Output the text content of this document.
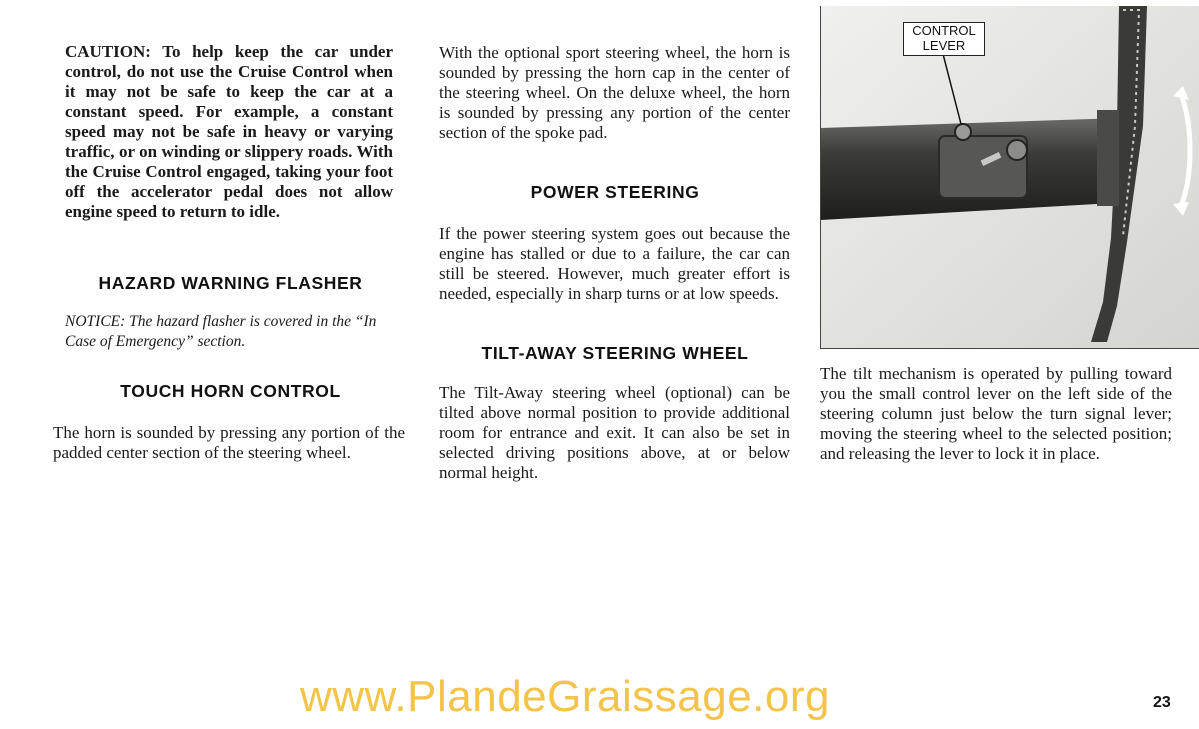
CAUTION: To help keep the car under control, do not use the Cruise Control when it may not be safe to keep the car at a constant speed. For example, a constant speed may not be safe in heavy or varying traffic, or on winding or slippery roads. With the Cruise Control engaged, taking your foot off the accelerator pedal does not allow engine speed to return to idle.
HAZARD WARNING FLASHER
NOTICE: The hazard flasher is covered in the “In Case of Emergency” section.
TOUCH HORN CONTROL
The horn is sounded by pressing any portion of the padded center section of the steering wheel.
With the optional sport steering wheel, the horn is sounded by pressing the horn cap in the center of the steering wheel. On the deluxe wheel, the horn is sounded by pressing any portion of the center section of the spoke pad.
POWER STEERING
If the power steering system goes out because the engine has stalled or due to a failure, the car can still be steered. However, much greater effort is needed, especially in sharp turns or at low speeds.
TILT-AWAY STEERING WHEEL
The Tilt-Away steering wheel (optional) can be tilted above normal position to provide additional room for entrance and exit. It can also be set in selected driving positions above, at or below normal height.
CONTROL
LEVER
The tilt mechanism is operated by pulling toward you the small control lever on the left side of the steering column just below the turn signal lever; moving the steering wheel to the selected position; and releasing the lever to lock it in place.
www.PlandeGraissage.org	23
